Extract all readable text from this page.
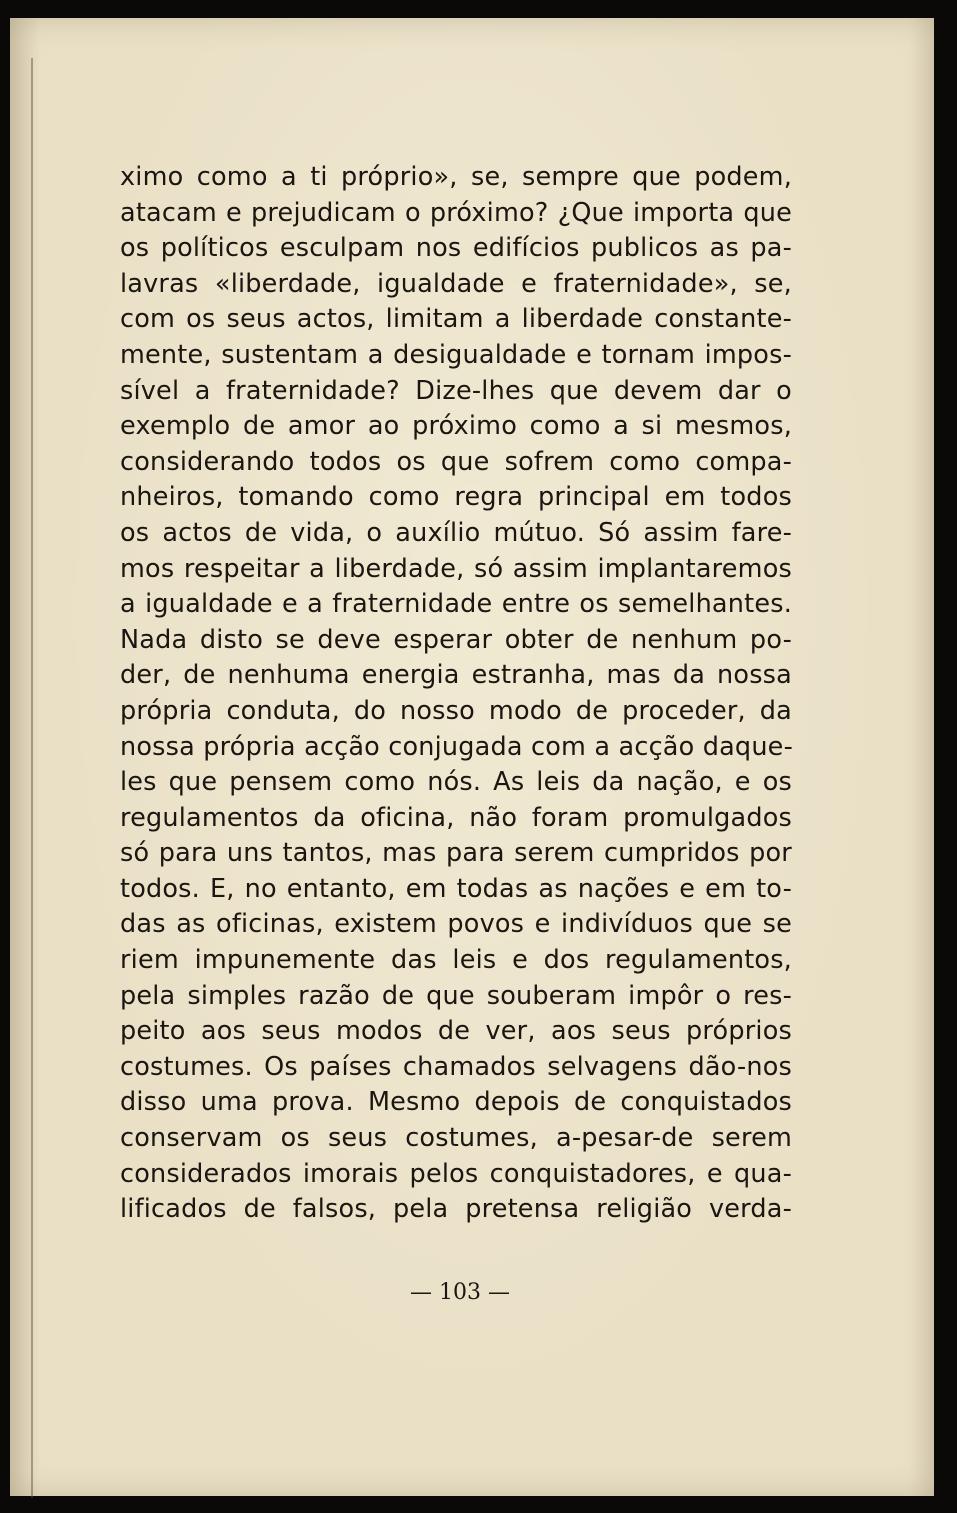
ximo como a ti próprio», se, sempre que podem,
atacam e prejudicam o próximo? ¿Que importa que
os políticos esculpam nos edifícios publicos as pa-
lavras «liberdade, igualdade e fraternidade», se,
com os seus actos, limitam a liberdade constante-
mente, sustentam a desigualdade e tornam impos-
sível a fraternidade? Dize-lhes que devem dar o
exemplo de amor ao próximo como a si mesmos,
considerando todos os que sofrem como compa-
nheiros, tomando como regra principal em todos
os actos de vida, o auxílio mútuo. Só assim fare-
mos respeitar a liberdade, só assim implantaremos
a igualdade e a fraternidade entre os semelhantes.
Nada disto se deve esperar obter de nenhum po-
der, de nenhuma energia estranha, mas da nossa
própria conduta, do nosso modo de proceder, da
nossa própria acção conjugada com a acção daque-
les que pensem como nós. As leis da nação, e os
regulamentos da oficina, não foram promulgados
só para uns tantos, mas para serem cumpridos por
todos. E, no entanto, em todas as nações e em to-
das as oficinas, existem povos e indivíduos que se
riem impunemente das leis e dos regulamentos,
pela simples razão de que souberam impôr o res-
peito aos seus modos de ver, aos seus próprios
costumes. Os países chamados selvagens dão-nos
disso uma prova. Mesmo depois de conquistados
conservam os seus costumes, a-pesar-de serem
considerados imorais pelos conquistadores, e qua-
lificados de falsos, pela pretensa religião verda-
— 103 —
